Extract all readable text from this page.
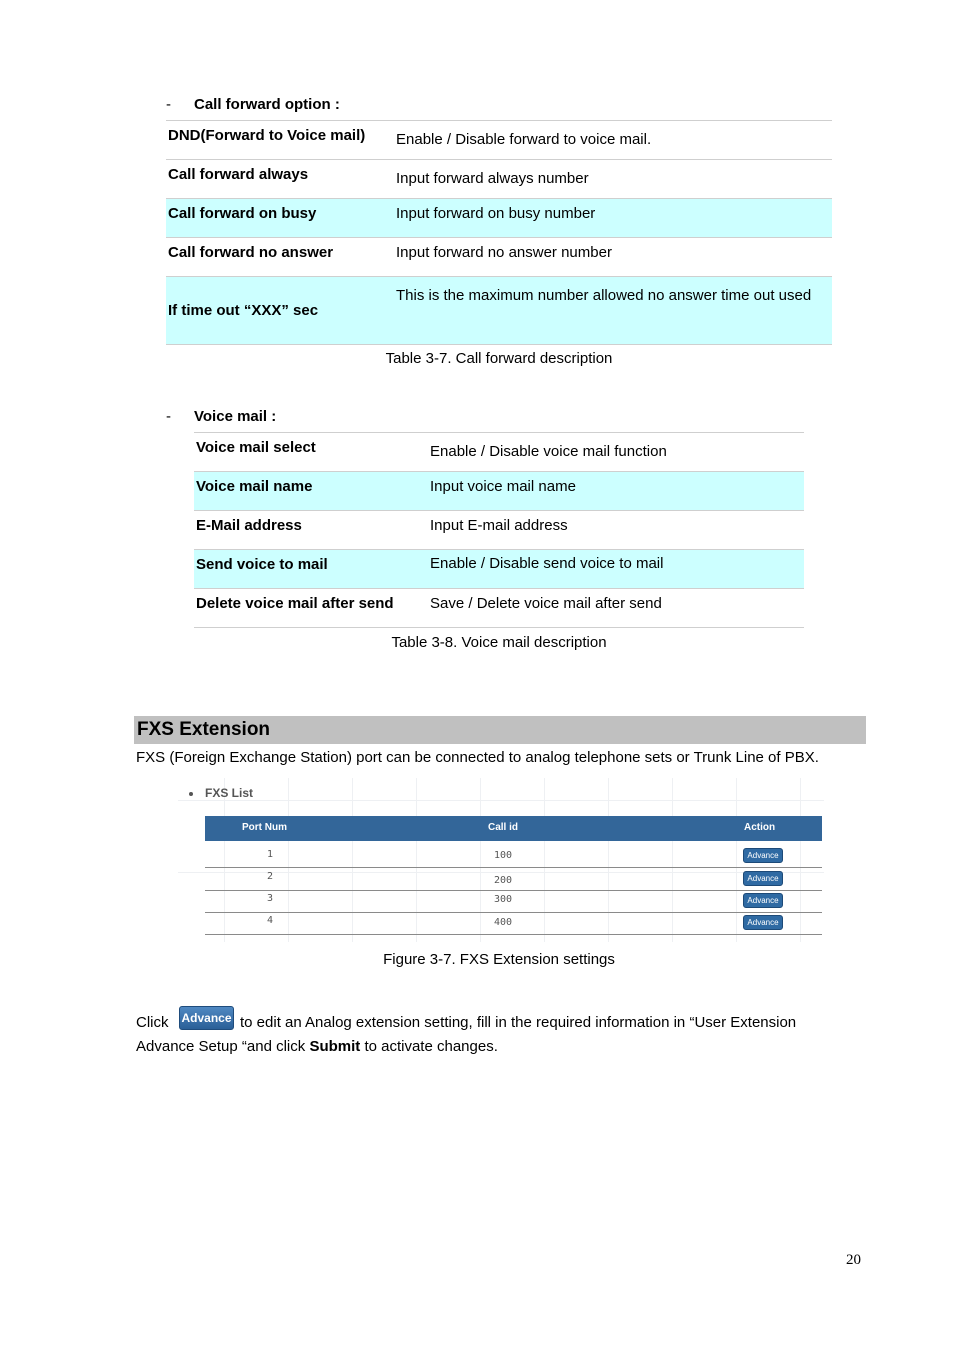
- Call forward option :
DND(Forward to Voice mail)	Enable / Disable forward to voice mail.
Call forward always	Input forward always number
Call forward on busy	Input forward on busy number
Call forward no answer	Input forward no answer number
If time out “XXX” sec	This is the maximum number allowed no answer time out used
Table 3-7. Call forward description
- Voice mail :
Voice mail select	Enable / Disable voice mail function
Voice mail name	Input voice mail name
E-Mail address	Input E-mail address
Send voice to mail	Enable / Disable send voice to mail
Delete voice mail after send	Save / Delete voice mail after send
Table 3-8. Voice mail description
FXS Extension
FXS (Foreign Exchange Station) port can be connected to analog telephone sets or Trunk Line of PBX.
FXS List
Port Num	Call id	Action
1	100	Advance
2	200	Advance
3	300	Advance
4	400	Advance
Figure 3-7. FXS Extension settings
Click Advance to edit an Analog extension setting, fill in the required information in “User Extension
Advance Setup “and click Submit to activate changes.
20
